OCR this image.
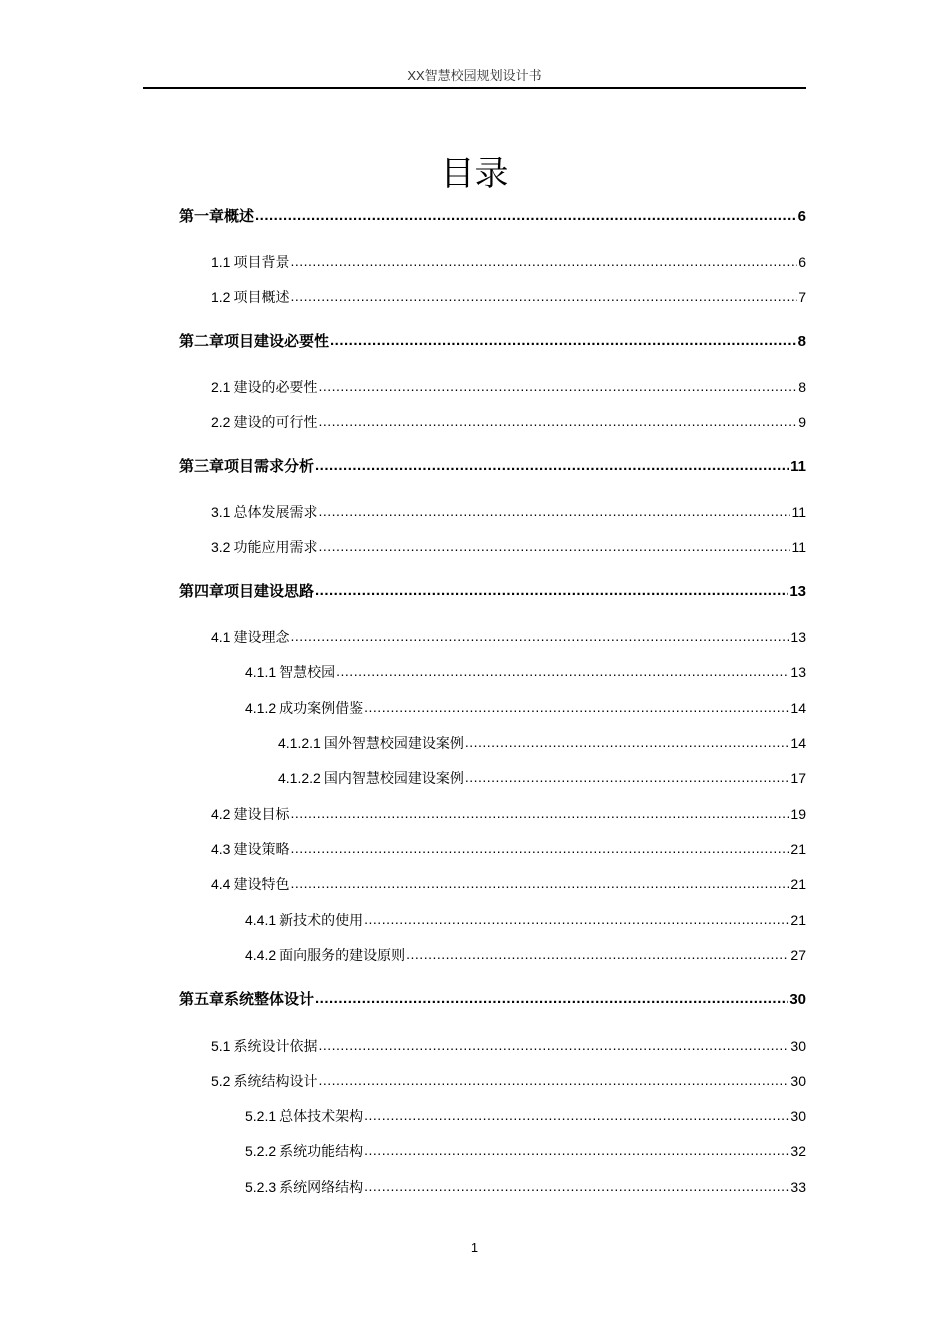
XX智慧校园规划设计书
目录
第一章概述 .....	6
1.1 项目背景 .....	6
1.2 项目概述 .....	7
第二章项目建设必要性 .....	8
2.1 建设的必要性 .....	8
2.2 建设的可行性 .....	9
第三章项目需求分析 .....	11
3.1 总体发展需求 .....	11
3.2 功能应用需求 .....	11
第四章项目建设思路 .....	13
4.1 建设理念 .....	13
4.1.1 智慧校园 .....	13
4.1.2 成功案例借鉴 .....	14
4.1.2.1 国外智慧校园建设案例 .....	14
4.1.2.2 国内智慧校园建设案例 .....	17
4.2 建设目标 .....	19
4.3 建设策略 .....	21
4.4 建设特色 .....	21
4.4.1 新技术的使用 .....	21
4.4.2 面向服务的建设原则 .....	27
第五章系统整体设计 .....	30
5.1 系统设计依据 .....	30
5.2 系统结构设计 .....	30
5.2.1 总体技术架构 .....	30
5.2.2 系统功能结构 .....	32
5.2.3 系统网络结构 .....	33
1
